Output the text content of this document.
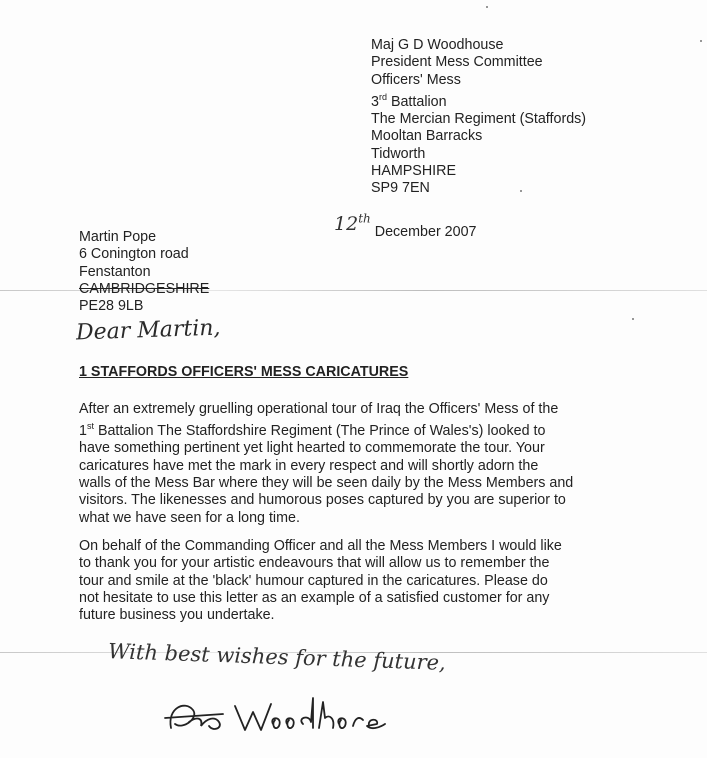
Maj G D Woodhouse
President Mess Committee
Officers' Mess
3rd Battalion
The Mercian Regiment (Staffords)
Mooltan Barracks
Tidworth
HAMPSHIRE
SP9 7EN
12thDecember 2007
Martin Pope
6 Conington road
Fenstanton
CAMBRIDGESHIRE
PE28 9LB
Dear Martin,
1 STAFFORDS OFFICERS' MESS CARICATURES
After an extremely gruelling operational tour of Iraq the Officers' Mess of the
1st Battalion The Staffordshire Regiment (The Prince of Wales's) looked to
have something pertinent yet light hearted to commemorate the tour. Your
caricatures have met the mark in every respect and will shortly adorn the
walls of the Mess Bar where they will be seen daily by the Mess Members and
visitors. The likenesses and humorous poses captured by you are superior to
what we have seen for a long time.
On behalf of the Commanding Officer and all the Mess Members I would like
to thank you for your artistic endeavours that will allow us to remember the
tour and smile at the 'black' humour captured in the caricatures. Please do
not hesitate to use this letter as an example of a satisfied customer for any
future business you undertake.
With best wishes for the future,
